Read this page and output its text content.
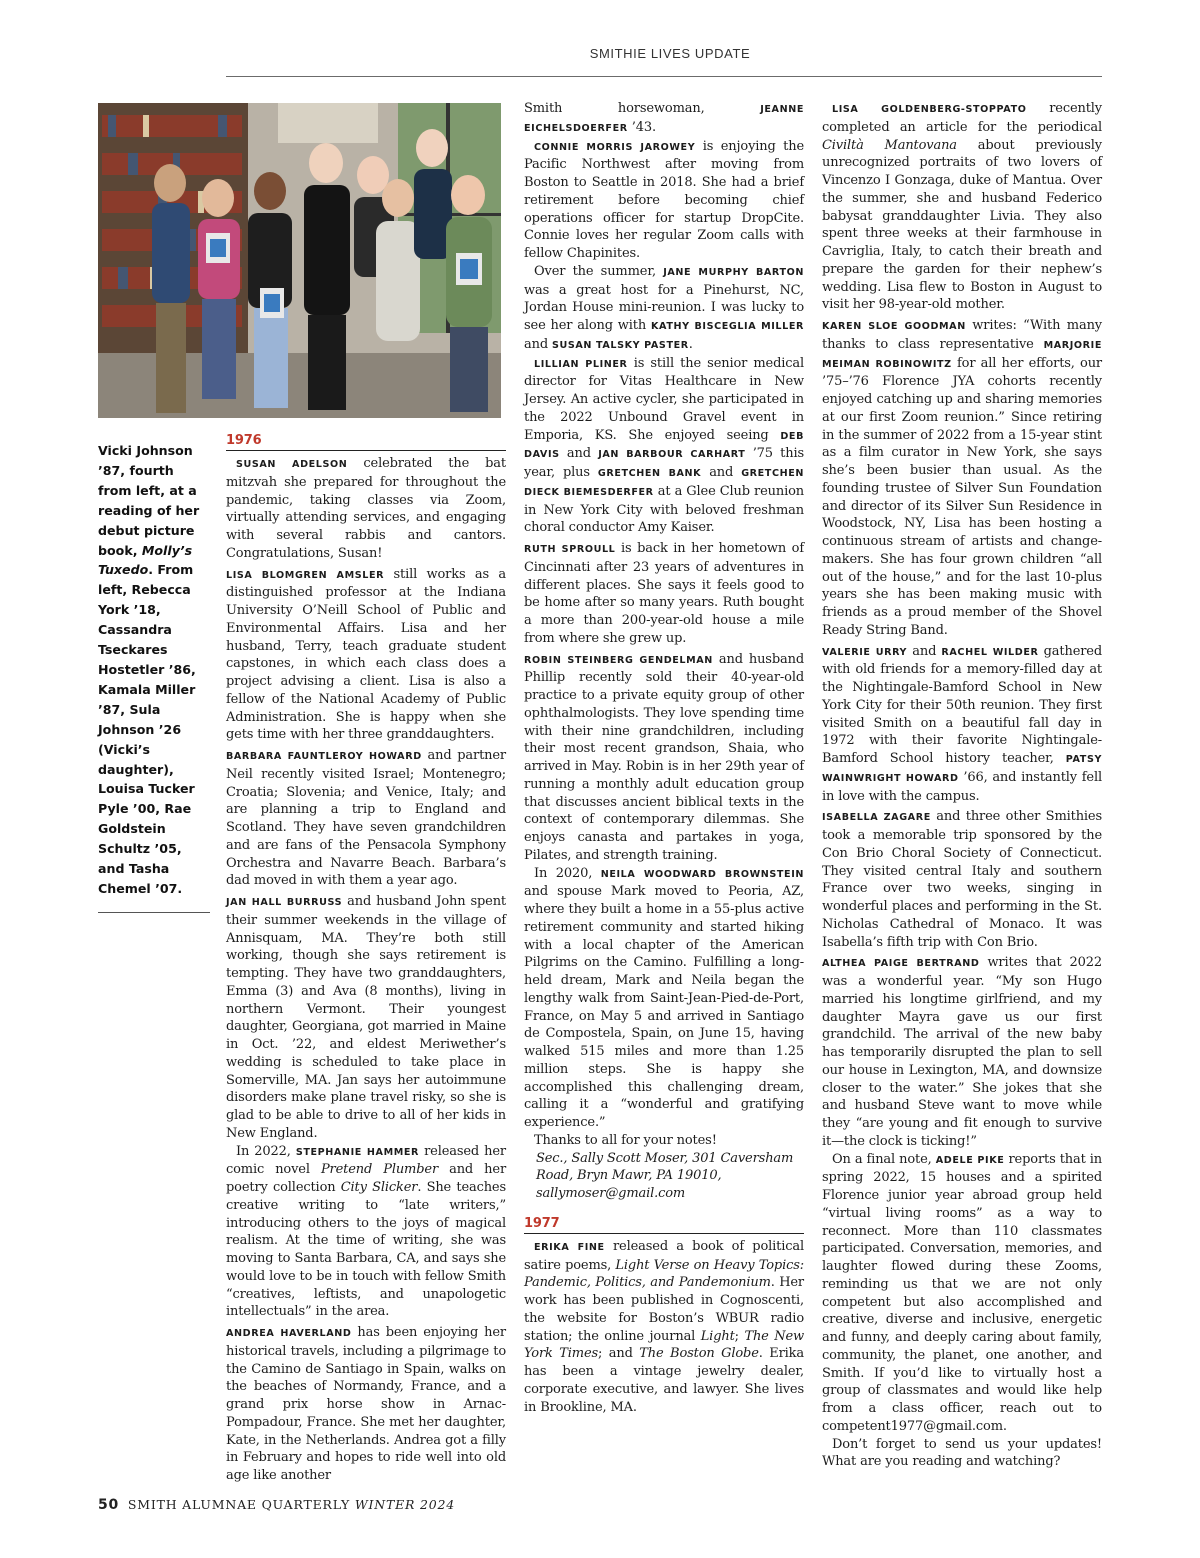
SMITHIE LIVES UPDATE
Vicki Johnson ’87, fourth from left, at a reading of her debut picture book, Molly’s Tuxedo. From left, Rebecca York ’18, Cassandra Tseckares Hostetler ’86, Kamala Miller ’87, Sula Johnson ’26 (Vicki’s daughter), Louisa Tucker Pyle ’00, Rae Goldstein Schultz ’05, and Tasha Chemel ’07.
1976

SUSAN ADELSON celebrated the bat mitzvah she prepared for throughout the pandemic, taking classes via Zoom, virtually attending services, and engaging with several rabbis and cantors. Congratulations, Susan!

LISA BLOMGREN AMSLER still works as a distinguished professor at the Indiana University O’Neill School of Public and Environmental Affairs. Lisa and her husband, Terry, teach graduate student capstones, in which each class does a project advising a client. Lisa is also a fellow of the National Academy of Public Administration. She is happy when she gets time with her three granddaughters.

BARBARA FAUNTLEROY HOWARD and partner Neil recently visited Israel; Montenegro; Croatia; Slovenia; and Venice, Italy; and are planning a trip to England and Scotland. They have seven grandchildren and are fans of the Pensacola Symphony Orchestra and Navarre Beach. Barbara’s dad moved in with them a year ago.

JAN HALL BURRUSS and husband John spent their summer weekends in the village of Annisquam, MA. They’re both still working, though she says retirement is tempting. They have two granddaughters, Emma (3) and Ava (8 months), living in northern Vermont. Their youngest daughter, Georgiana, got married in Maine in Oct. ’22, and eldest Meriwether’s wedding is scheduled to take place in Somerville, MA. Jan says her autoimmune disorders make plane travel risky, so she is glad to be able to drive to all of her kids in New England.

In 2022, STEPHANIE HAMMER released her comic novel Pretend Plumber and her poetry collection City Slicker. She teaches creative writing to “late writers,” introducing others to the joys of magical realism. At the time of writing, she was moving to Santa Barbara, CA, and says she would love to be in touch with fellow Smith “creatives, leftists, and unapologetic intellectuals” in the area.

ANDREA HAVERLAND has been enjoying her historical travels, including a pilgrimage to the Camino de Santiago in Spain, walks on the beaches of Normandy, France, and a grand prix horse show in Arnac-Pompadour, France. She met her daughter, Kate, in the Netherlands. Andrea got a filly in February and hopes to ride well into old age like another

Smith horsewoman, JEANNE EICHELSDOERFER ’43.

CONNIE MORRIS JAROWEY is enjoying the Pacific Northwest after moving from Boston to Seattle in 2018. She had a brief retirement before becoming chief operations officer for startup DropCite. Connie loves her regular Zoom calls with fellow Chapinites.

Over the summer, JANE MURPHY BARTON was a great host for a Pinehurst, NC, Jordan House mini-reunion. I was lucky to see her along with KATHY BISCEGLIA MILLER and SUSAN TALSKY PASTER.

LILLIAN PLINER is still the senior medical director for Vitas Healthcare in New Jersey. An active cycler, she participated in the 2022 Unbound Gravel event in Emporia, KS. She enjoyed seeing DEB DAVIS and JAN BARBOUR CARHART ’75 this year, plus GRETCHEN BANK and GRETCHEN DIECK BIEMESDERFER at a Glee Club reunion in New York City with beloved freshman choral conductor Amy Kaiser.

RUTH SPROULL is back in her hometown of Cincinnati after 23 years of adventures in different places. She says it feels good to be home after so many years. Ruth bought a more than 200-year-old house a mile from where she grew up.

ROBIN STEINBERG GENDELMAN and husband Phillip recently sold their 40-year-old practice to a private equity group of other ophthalmologists. They love spending time with their nine grandchildren, including their most recent grandson, Shaia, who arrived in May. Robin is in her 29th year of running a monthly adult education group that discusses ancient biblical texts in the context of contemporary dilemmas. She enjoys canasta and partakes in yoga, Pilates, and strength training.

In 2020, NEILA WOODWARD BROWNSTEIN and spouse Mark moved to Peoria, AZ, where they built a home in a 55-plus active retirement community and started hiking with a local chapter of the American Pilgrims on the Camino. Fulfilling a long-held dream, Mark and Neila began the lengthy walk from Saint-Jean-Pied-de-Port, France, on May 5 and arrived in Santiago de Compostela, Spain, on June 15, having walked 515 miles and more than 1.25 million steps. She is happy she accomplished this challenging dream, calling it a “wonderful and gratifying experience.”

Thanks to all for your notes!

Sec., Sally Scott Moser, 301 Caversham Road, Bryn Mawr, PA 19010, sallymoser@gmail.com

1977

ERIKA FINE released a book of political satire poems, Light Verse on Heavy Topics: Pandemic, Politics, and Pandemonium. Her work has been published in Cognoscenti, the website for Boston’s WBUR radio station; the online journal Light; The New York Times; and The Boston Globe. Erika has been a vintage jewelry dealer, corporate executive, and lawyer. She lives in Brookline, MA.

LISA GOLDENBERG-STOPPATO recently completed an article for the periodical Civiltà Mantovana about previously unrecognized portraits of two lovers of Vincenzo I Gonzaga, duke of Mantua. Over the summer, she and husband Federico babysat granddaughter Livia. They also spent three weeks at their farmhouse in Cavriglia, Italy, to catch their breath and prepare the garden for their nephew’s wedding. Lisa flew to Boston in August to visit her 98-year-old mother.

KAREN SLOE GOODMAN writes: “With many thanks to class representative MARJORIE MEIMAN ROBINOWITZ for all her efforts, our ’75–’76 Florence JYA cohorts recently enjoyed catching up and sharing memories at our first Zoom reunion.” Since retiring in the summer of 2022 from a 15-year stint as a film curator in New York, she says she’s been busier than usual. As the founding trustee of Silver Sun Foundation and director of its Silver Sun Residence in Woodstock, NY, Lisa has been hosting a continuous stream of artists and change-makers. She has four grown children “all out of the house,” and for the last 10-plus years she has been making music with friends as a proud member of the Shovel Ready String Band.

VALERIE URRY and RACHEL WILDER gathered with old friends for a memory-filled day at the Nightingale-Bamford School in New York City for their 50th reunion. They first visited Smith on a beautiful fall day in 1972 with their favorite Nightingale-Bamford School history teacher, PATSY WAINWRIGHT HOWARD ’66, and instantly fell in love with the campus.

ISABELLA ZAGARE and three other Smithies took a memorable trip sponsored by the Con Brio Choral Society of Connecticut. They visited central Italy and southern France over two weeks, singing in wonderful places and performing in the St. Nicholas Cathedral of Monaco. It was Isabella’s fifth trip with Con Brio.

ALTHEA PAIGE BERTRAND writes that 2022 was a wonderful year. “My son Hugo married his longtime girlfriend, and my daughter Mayra gave us our first grandchild. The arrival of the new baby has temporarily disrupted the plan to sell our house in Lexington, MA, and downsize closer to the water.” She jokes that she and husband Steve want to move while they “are young and fit enough to survive it—the clock is ticking!”

On a final note, ADELE PIKE reports that in spring 2022, 15 houses and a spirited Florence junior year abroad group held “virtual living rooms” as a way to reconnect. More than 110 classmates participated. Conversation, memories, and laughter flowed during these Zooms, reminding us that we are not only competent but also accomplished and creative, diverse and inclusive, energetic and funny, and deeply caring about family, community, the planet, one another, and Smith. If you’d like to virtually host a group of classmates and would like help from a class officer, reach out to competent1977@gmail.com.

Don’t forget to send us your updates! What are you reading and watching?

50 SMITH ALUMNAE QUARTERLY WINTER 2024
